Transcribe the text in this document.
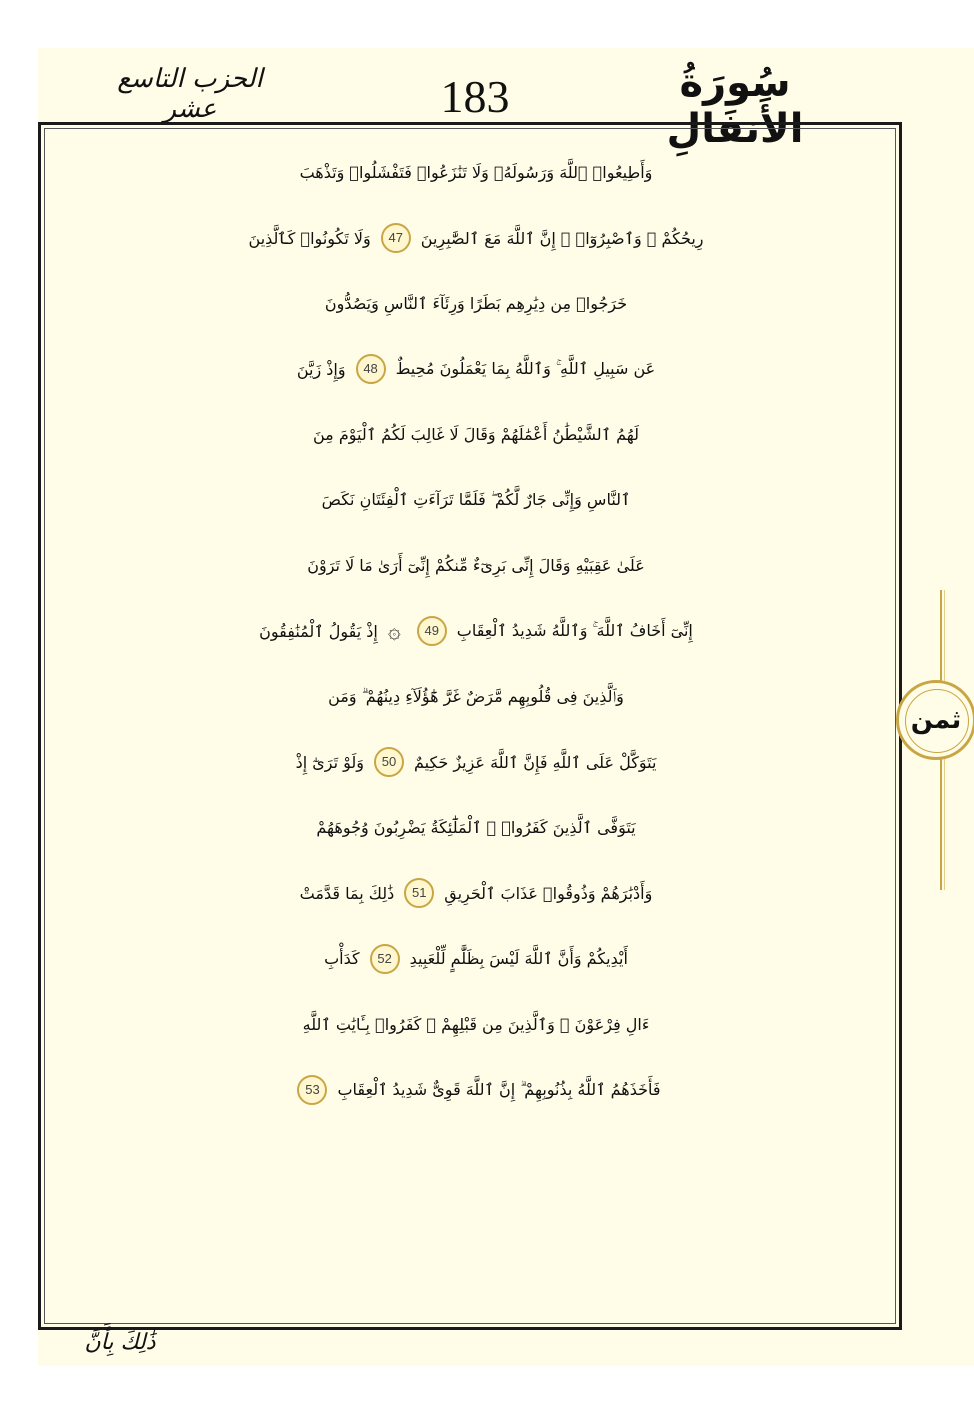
سُورَةُ الأَنفَالِ
183
الحزب التاسع عشر
وَأَطِيعُوا۟ ٱللَّهَ وَرَسُولَهُۥ وَلَا تَنَٰزَعُوا۟ فَتَفْشَلُوا۟ وَتَذْهَبَ
رِيحُكُمْ ۖ وَٱصْبِرُوٓا۟ ۚ إِنَّ ٱللَّهَ مَعَ ٱلصَّٰبِرِينَ
47
وَلَا تَكُونُوا۟ كَٱلَّذِينَ
خَرَجُوا۟ مِن دِيَٰرِهِم بَطَرًا وَرِئَآءَ ٱلنَّاسِ وَيَصُدُّونَ
عَن سَبِيلِ ٱللَّهِ ۚ وَٱللَّهُ بِمَا يَعْمَلُونَ مُحِيطٌ
48
وَإِذْ زَيَّنَ
لَهُمُ ٱلشَّيْطَٰنُ أَعْمَٰلَهُمْ وَقَالَ لَا غَالِبَ لَكُمُ ٱلْيَوْمَ مِنَ
ٱلنَّاسِ وَإِنِّى جَارٌ لَّكُمْ ۖ فَلَمَّا تَرَآءَتِ ٱلْفِئَتَانِ نَكَصَ
عَلَىٰ عَقِبَيْهِ وَقَالَ إِنِّى بَرِىٓءٌ مِّنكُمْ إِنِّىٓ أَرَىٰ مَا لَا تَرَوْنَ
إِنِّىٓ أَخَافُ ٱللَّهَ ۚ وَٱللَّهُ شَدِيدُ ٱلْعِقَابِ
49
۞
إِذْ يَقُولُ ٱلْمُنَٰفِقُونَ
وَٱلَّذِينَ فِى قُلُوبِهِم مَّرَضٌ غَرَّ هَٰٓؤُلَآءِ دِينُهُمْ ۗ وَمَن
يَتَوَكَّلْ عَلَى ٱللَّهِ فَإِنَّ ٱللَّهَ عَزِيزٌ حَكِيمٌ
50
وَلَوْ تَرَىٰٓ إِذْ
يَتَوَفَّى ٱلَّذِينَ كَفَرُوا۟ ۙ ٱلْمَلَٰٓئِكَةُ يَضْرِبُونَ وُجُوهَهُمْ
وَأَدْبَٰرَهُمْ وَذُوقُوا۟ عَذَابَ ٱلْحَرِيقِ
51
ذَٰلِكَ بِمَا قَدَّمَتْ
أَيْدِيكُمْ وَأَنَّ ٱللَّهَ لَيْسَ بِظَلَّٰمٍ لِّلْعَبِيدِ
52
كَدَأْبِ
ءَالِ فِرْعَوْنَ ۙ وَٱلَّذِينَ مِن قَبْلِهِمْ ۚ كَفَرُوا۟ بِـَٔايَٰتِ ٱللَّهِ
فَأَخَذَهُمُ ٱللَّهُ بِذُنُوبِهِمْ ۗ إِنَّ ٱللَّهَ قَوِىٌّ شَدِيدُ ٱلْعِقَابِ
53
ثمن
ذَٰلِكَ بِأَنَّ
